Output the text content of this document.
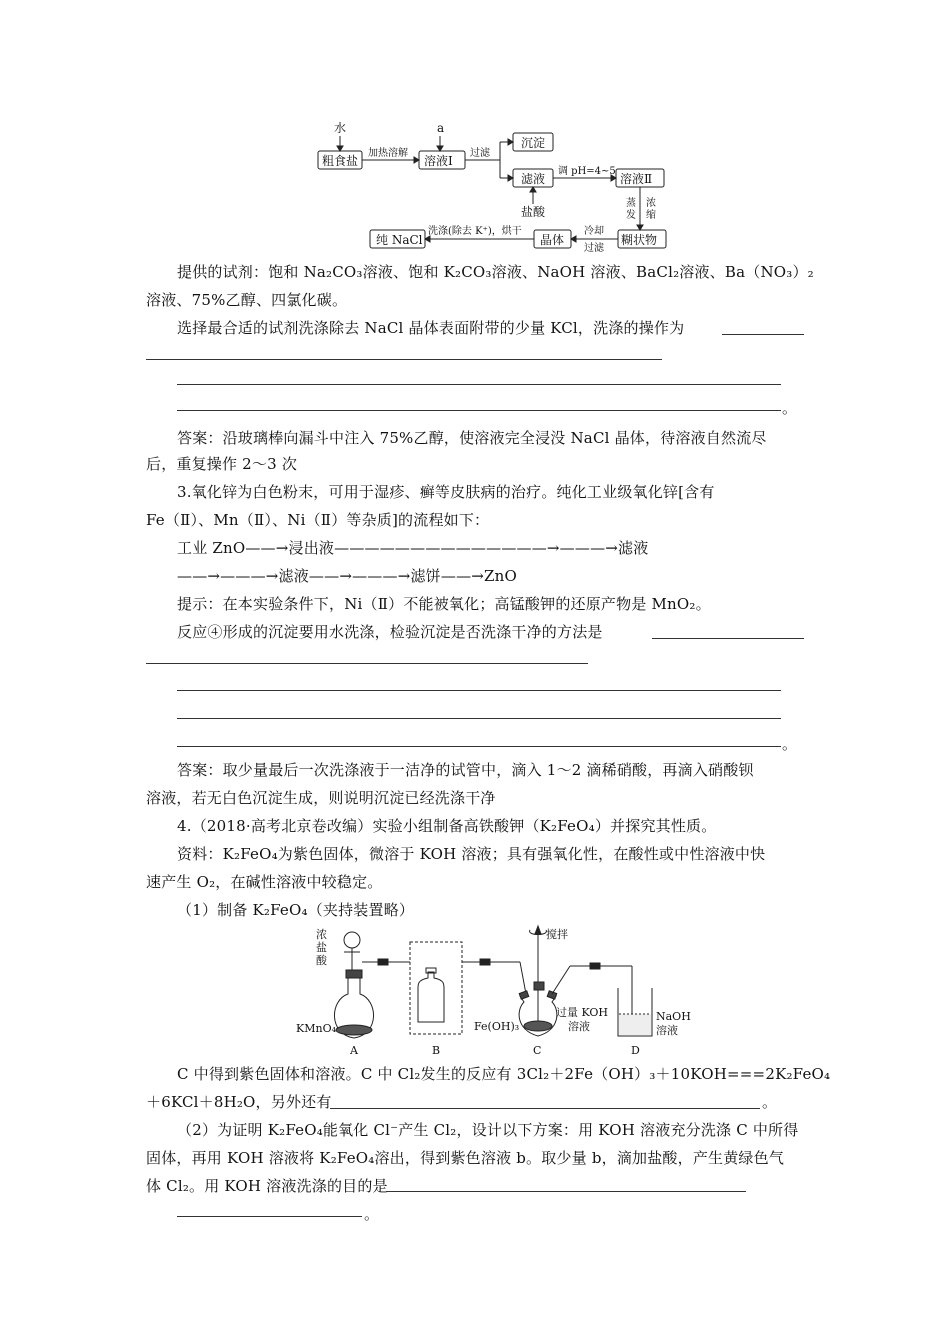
水	a
粗食盐
加热溶解
溶液Ⅰ
过滤
沉淀
滤液
调 pH=4~5
溶液Ⅱ
盐酸
蒸
发
浓
缩
糊状物
冷却
过滤
晶体
洗涤(除去 K⁺)，烘干
纯 NaCl
提供的试剂：饱和 Na₂CO₃溶液、饱和 K₂CO₃溶液、NaOH 溶液、BaCl₂溶液、Ba（NO₃）₂
溶液、75%乙醇、四氯化碳。
选择最合适的试剂洗涤除去 NaCl 晶体表面附带的少量 KCl，洗涤的操作为
。
答案：沿玻璃棒向漏斗中注入 75%乙醇，使溶液完全浸没 NaCl 晶体，待溶液自然流尽
后，重复操作 2～3 次
3.氧化锌为白色粉末，可用于湿疹、癣等皮肤病的治疗。纯化工业级氧化锌[含有
Fe（Ⅱ）、Mn（Ⅱ）、Ni（Ⅱ）等杂质]的流程如下：
工业 ZnO——→浸出液——————————————→———→滤液
——→———→滤液——→———→滤饼——→ZnO
提示：在本实验条件下，Ni（Ⅱ）不能被氧化；高锰酸钾的还原产物是 MnO₂。
反应④形成的沉淀要用水洗涤，检验沉淀是否洗涤干净的方法是
。
答案：取少量最后一次洗涤液于一洁净的试管中，滴入 1～2 滴稀硝酸，再滴入硝酸钡
溶液，若无白色沉淀生成，则说明沉淀已经洗涤干净
4.（2018·高考北京卷改编）实验小组制备高铁酸钾（K₂FeO₄）并探究其性质。
资料：K₂FeO₄为紫色固体，微溶于 KOH 溶液；具有强氧化性，在酸性或中性溶液中快
速产生 O₂，在碱性溶液中较稳定。
（1）制备 K₂FeO₄（夹持装置略）
浓
盐
酸
KMnO₄
搅拌
过量 KOH
溶液
Fe(OH)₃
NaOH
溶液
A	B	C	D
C 中得到紫色固体和溶液。C 中 Cl₂发生的反应有 3Cl₂＋2Fe（OH）₃＋10KOH===2K₂FeO₄
＋6KCl＋8H₂O，另外还有	。
（2）为证明 K₂FeO₄能氧化 Cl⁻产生 Cl₂，设计以下方案：用 KOH 溶液充分洗涤 C 中所得
固体，再用 KOH 溶液将 K₂FeO₄溶出，得到紫色溶液 b。取少量 b，滴加盐酸，产生黄绿色气
体 Cl₂。用 KOH 溶液洗涤的目的是
。
